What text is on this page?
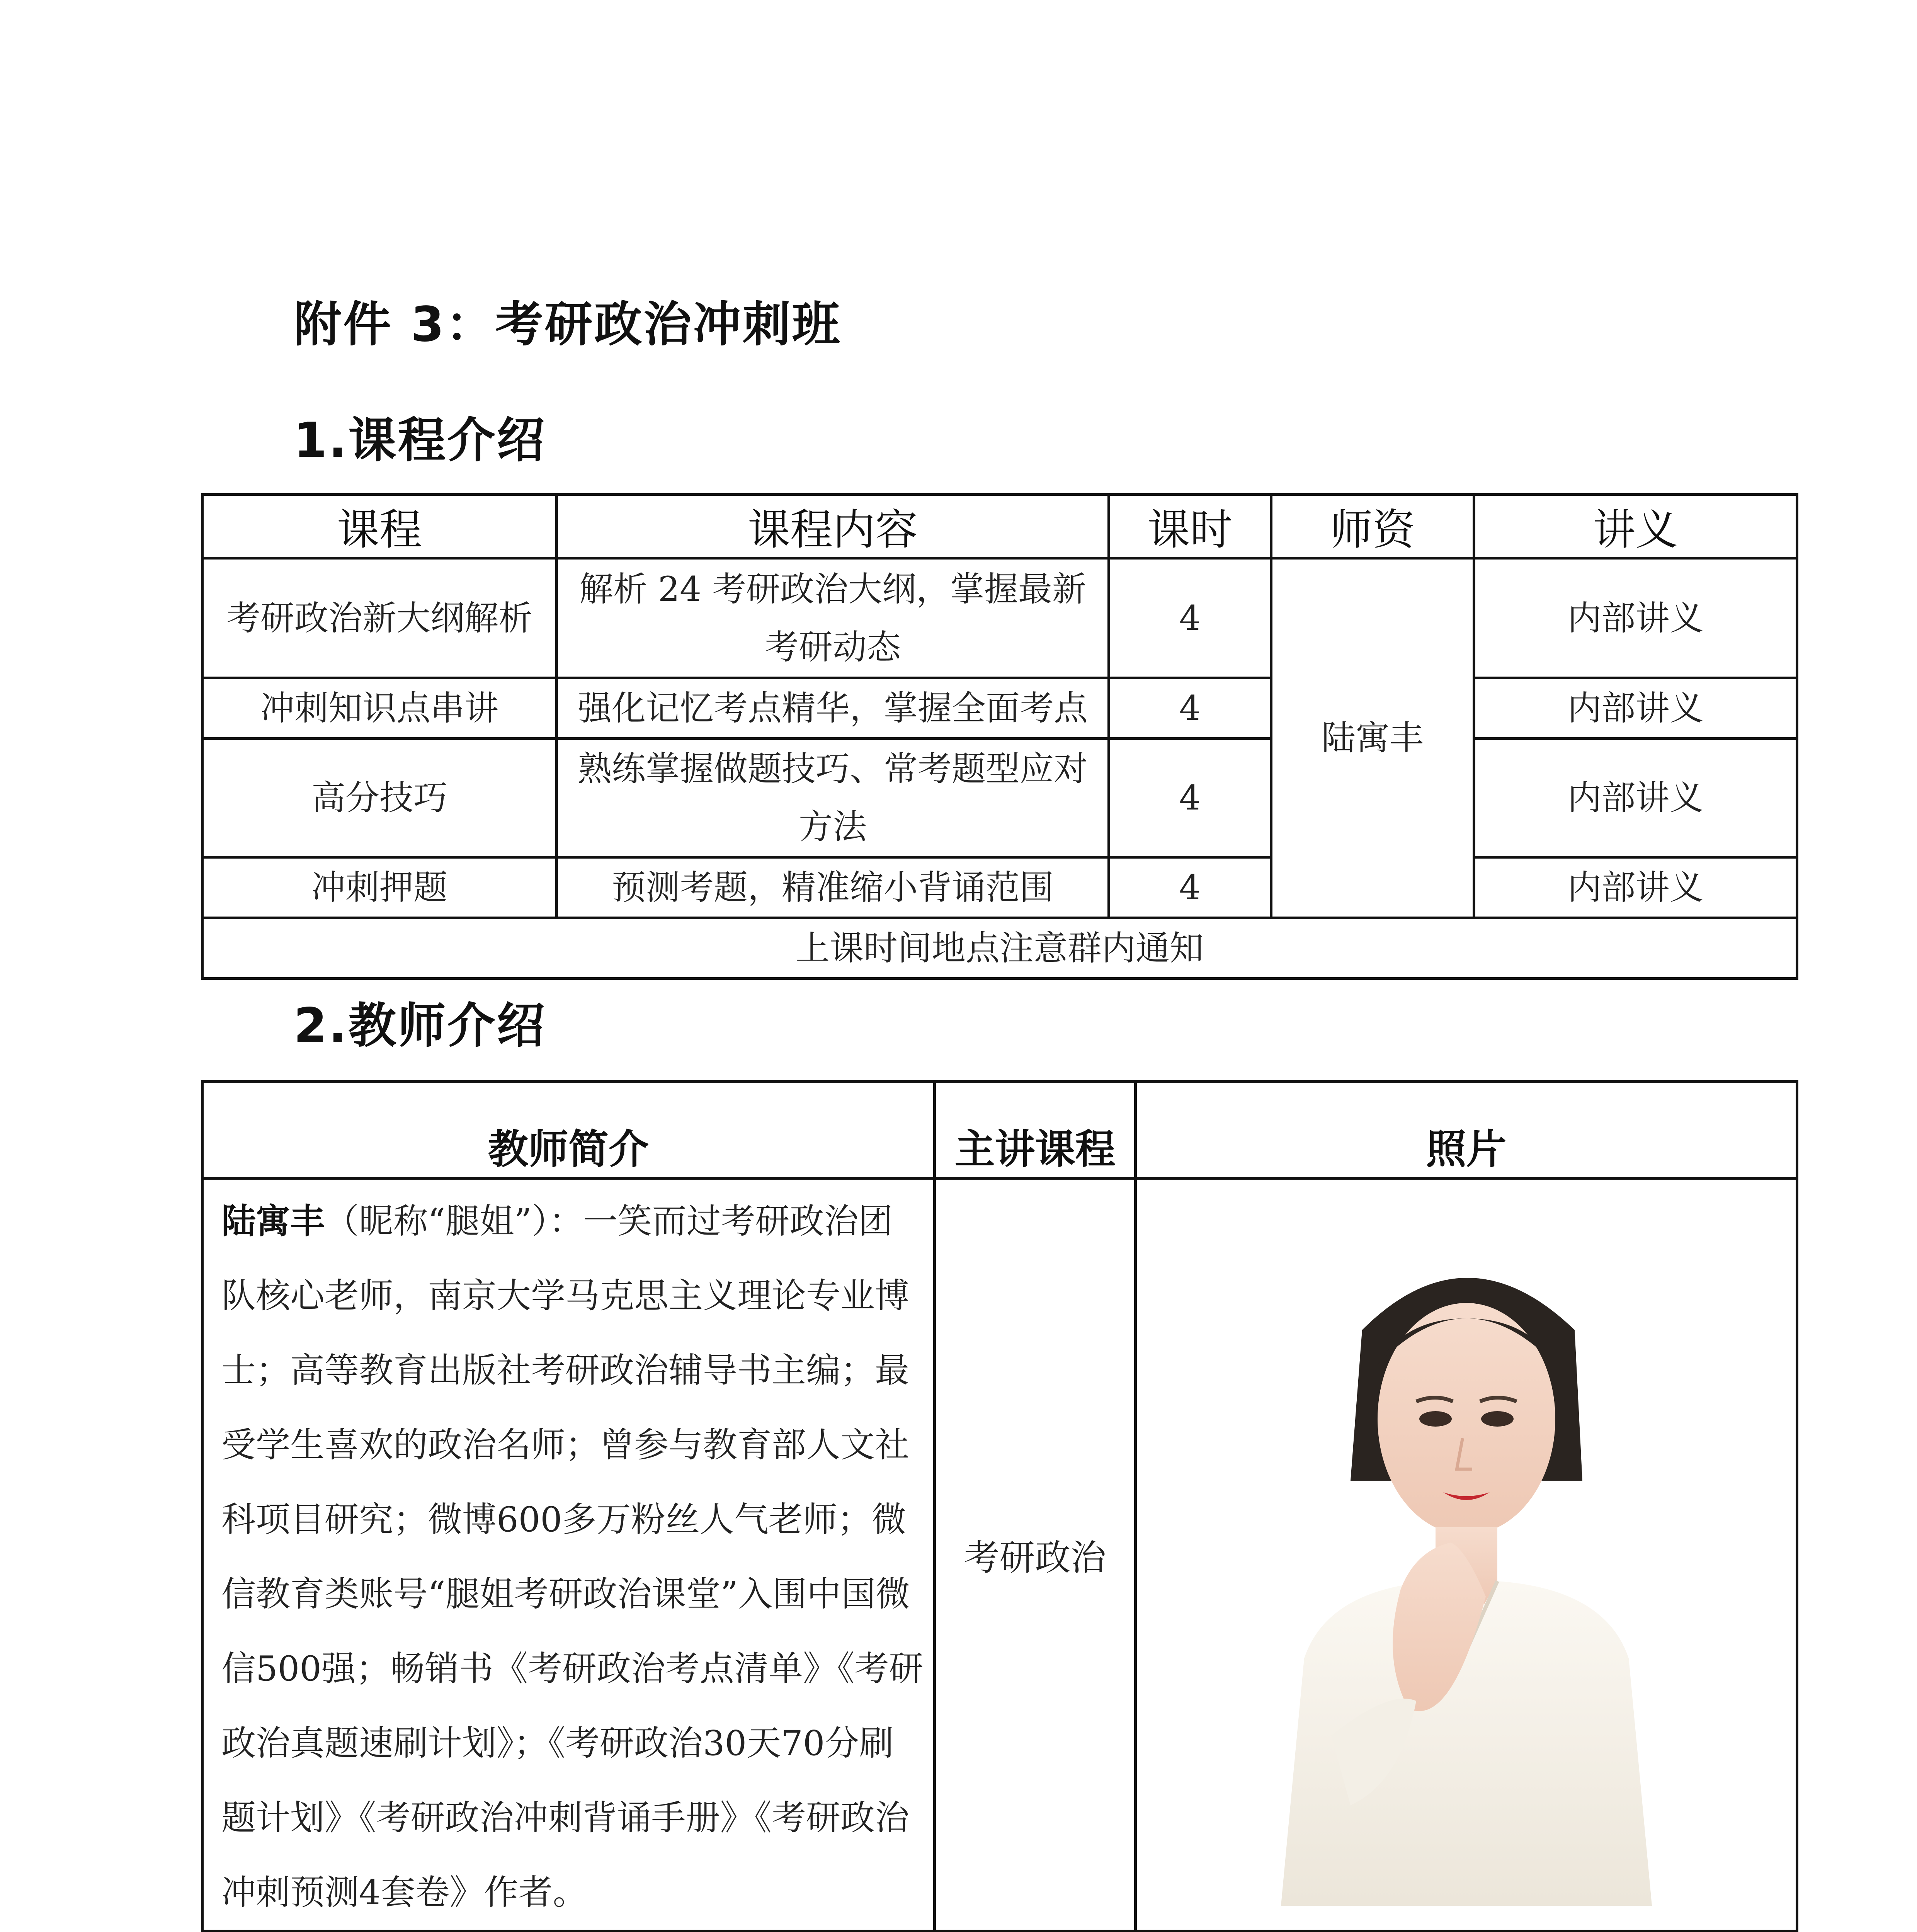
附件 3：考研政治冲刺班
1.课程介绍
课程	课程内容	课时	师资	讲义
考研政治新大纲解析	解析 24 考研政治大纲，掌握最新考研动态	4	陆寓丰	内部讲义
冲刺知识点串讲	强化记忆考点精华，掌握全面考点	4		内部讲义
高分技巧	熟练掌握做题技巧、常考题型应对方法	4		内部讲义
冲刺押题	预测考题，精准缩小背诵范围	4		内部讲义
上课时间地点注意群内通知				
2.教师介绍
教师简介	主讲课程	照片
陆寓丰（昵称“腿姐”）：一笑而过考研政治团队核心老师，南京大学马克思主义理论专业博士；高等教育出版社考研政治辅导书主编；最受学生喜欢的政治名师；曾参与教育部人文社科项目研究；微博600多万粉丝人气老师；微信教育类账号“腿姐考研政治课堂”入围中国微信500强；畅销书《考研政治考点清单》《考研政治真题速刷计划》；《考研政治30天70分刷题计划》《考研政治冲刺背诵手册》《考研政治冲刺预测4套卷》作者。	考研政治	
